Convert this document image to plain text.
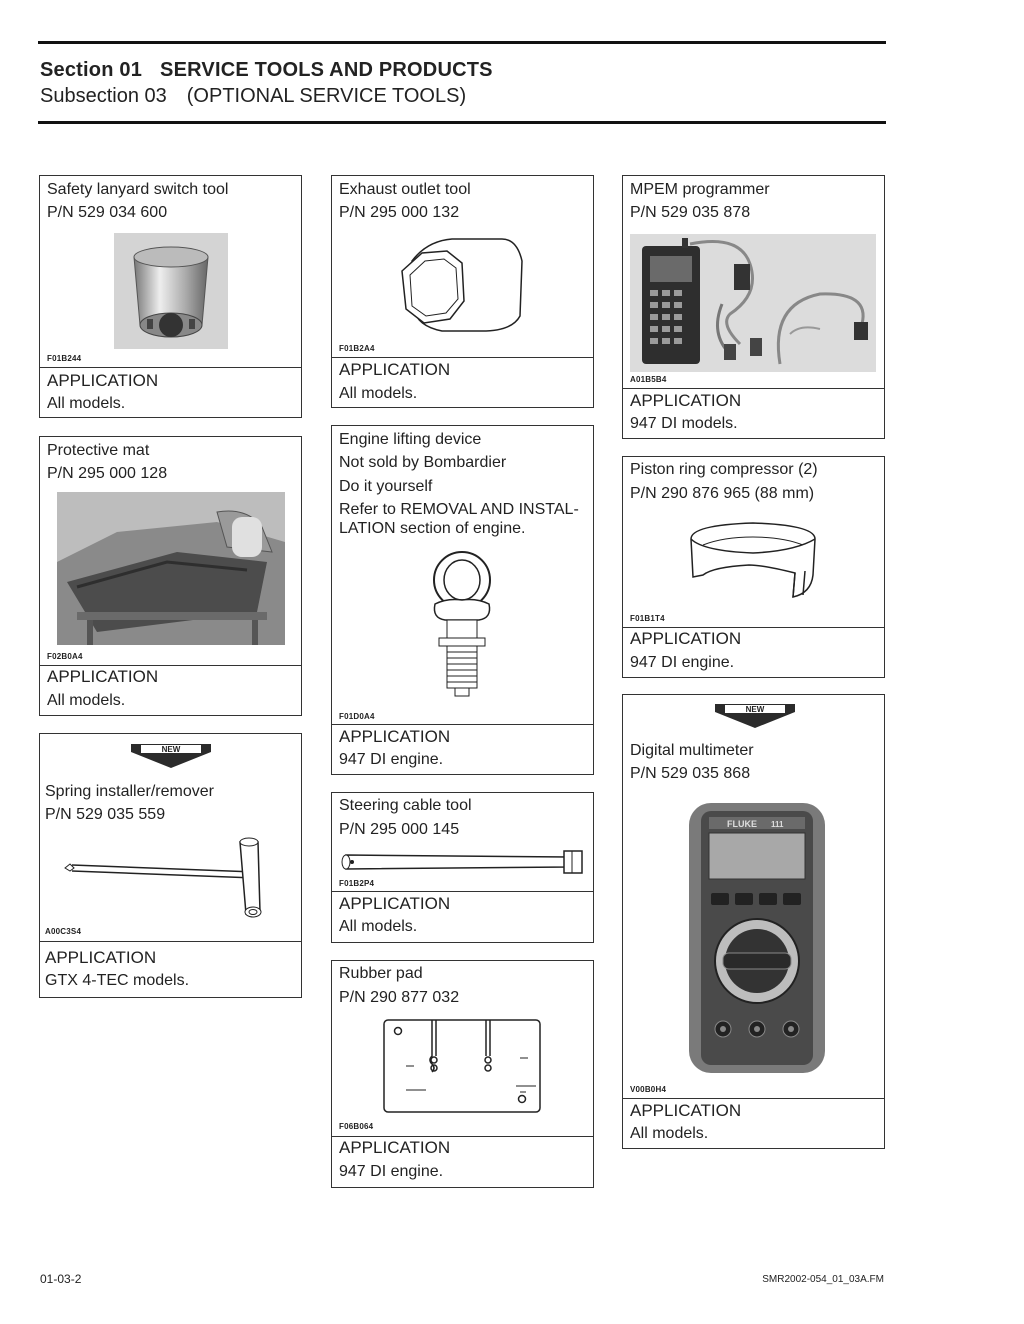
Section 01 SERVICE TOOLS AND PRODUCTS
Subsection 03 (OPTIONAL SERVICE TOOLS)
Safety lanyard switch tool
P/N 529 034 600
F01B244
APPLICATION
All models.
Protective mat
P/N 295 000 128
F02B0A4
APPLICATION
All models.
NEW
Spring installer/remover
P/N 529 035 559
A00C3S4
APPLICATION
GTX 4-TEC models.
Exhaust outlet tool
P/N 295 000 132
F01B2A4
APPLICATION
All models.
Engine lifting device
Not sold by Bombardier
Do it yourself
Refer to REMOVAL AND INSTAL-
LATION section of engine.
F01D0A4
APPLICATION
947 DI engine.
Steering cable tool
P/N 295 000 145
F01B2P4
APPLICATION
All models.
Rubber pad
P/N 290 877 032
F06B064
APPLICATION
947 DI engine.
MPEM programmer
P/N 529 035 878
A01B5B4
APPLICATION
947 DI models.
Piston ring compressor (2)
P/N 290 876 965 (88 mm)
F01B1T4
APPLICATION
947 DI engine.
NEW
Digital multimeter
P/N 529 035 868
FLUKE 111
V00B0H4
APPLICATION
All models.
01-03-2	SMR2002-054_01_03A.FM
